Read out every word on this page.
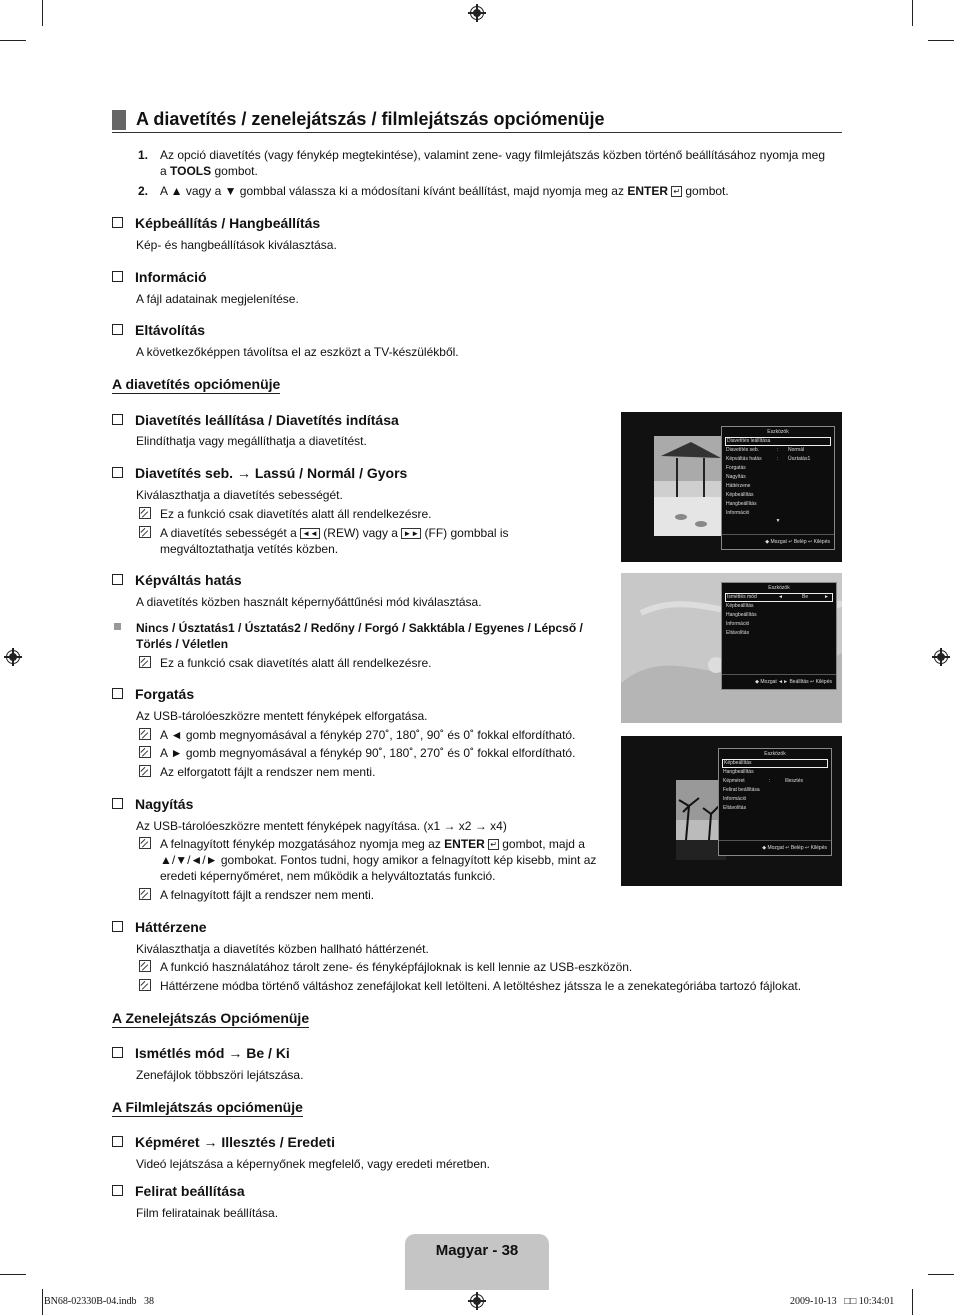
A diavetítés / zenelejátszás / filmlejátszás opciómenüje
1. Az opció diavetítés (vagy fénykép megtekintése), valamint zene- vagy filmlejátszás közben történő beállításához nyomja meg
a TOOLS gombot.
2. A ▲ vagy a ▼ gombbal válassza ki a módosítani kívánt beállítást, majd nyomja meg az ENTER ↵ gombot.
Képbeállítás / Hangbeállítás
Kép- és hangbeállítások kiválasztása.
Információ
A fájl adatainak megjelenítése.
Eltávolítás
A következőképpen távolítsa el az eszközt a TV-készülékből.
A diavetítés opciómenüje
Diavetítés leállítása / Diavetítés indítása
Elindíthatja vagy megállíthatja a diavetítést.
Diavetítés seb. → Lassú / Normál / Gyors
Kiválaszthatja a diavetítés sebességét.
Ez a funkció csak diavetítés alatt áll rendelkezésre.
A diavetítés sebességét a ◄◄ (REW) vagy a ►► (FF) gombbal is
megváltoztathatja vetítés közben.
Képváltás hatás
A diavetítés közben használt képernyőáttűnési mód kiválasztása.
Nincs / Úsztatás1 / Úsztatás2 / Redőny / Forgó / Sakktábla / Egyenes / Lépcső /
Törlés / Véletlen
Ez a funkció csak diavetítés alatt áll rendelkezésre.
Forgatás
Az USB-tárolóeszközre mentett fényképek elforgatása.
A ◄ gomb megnyomásával a fénykép 270˚, 180˚, 90˚ és 0˚ fokkal elfordítható.
A ► gomb megnyomásával a fénykép 90˚, 180˚, 270˚ és 0˚ fokkal elfordítható.
Az elforgatott fájlt a rendszer nem menti.
Nagyítás
Az USB-tárolóeszközre mentett fényképek nagyítása. (x1 → x2 → x4)
A felnagyított fénykép mozgatásához nyomja meg az ENTER ↵ gombot, majd a
▲/▼/◄/► gombokat. Fontos tudni, hogy amikor a felnagyított kép kisebb, mint az
eredeti képernyőméret, nem működik a helyváltoztatás funkció.
A felnagyított fájlt a rendszer nem menti.
Háttérzene
Kiválaszthatja a diavetítés közben hallható háttérzenét.
A funkció használatához tárolt zene- és fényképfájloknak is kell lennie az USB-eszközön.
Háttérzene módba történő váltáshoz zenefájlokat kell letölteni. A letöltéshez játssza le a zenekategóriába tartozó fájlokat.
A Zenelejátszás Opciómenüje
Ismétlés mód → Be / Ki
Zenefájlok többszöri lejátszása.
A Filmlejátszás opciómenüje
Képméret → Illesztés / Eredeti
Videó lejátszása a képernyőnek megfelelő, vagy eredeti méretben.
Felirat beállítása
Film feliratainak beállítása.
Eszközök
Diavetítés leállítása
Diavetítés seb.	: Normál
Képváltás hatás	: Úsztatás1
Forgatás
Nagyítás
Háttérzene
Képbeállítás
Hangbeállítás
Információ
▼
◆ Mozgat ↵ Belép ↩ Kilépés
Eszközök
Ismétlés mód	◄	Be	►
Képbeállítás
Hangbeállítás
Információ
Eltávolítás
◆ Mozgat ◄► Beállítás ↩ Kilépés
Eszközök
Képbeállítás
Hangbeállítás
Képméret	:	Illesztés
Felirat beállítása
Információ
Eltávolítás
◆ Mozgat ↵ Belép ↩ Kilépés
Magyar - 38
BN68-02330B-04.indb   38	2009-10-13   □□ 10:34:01
